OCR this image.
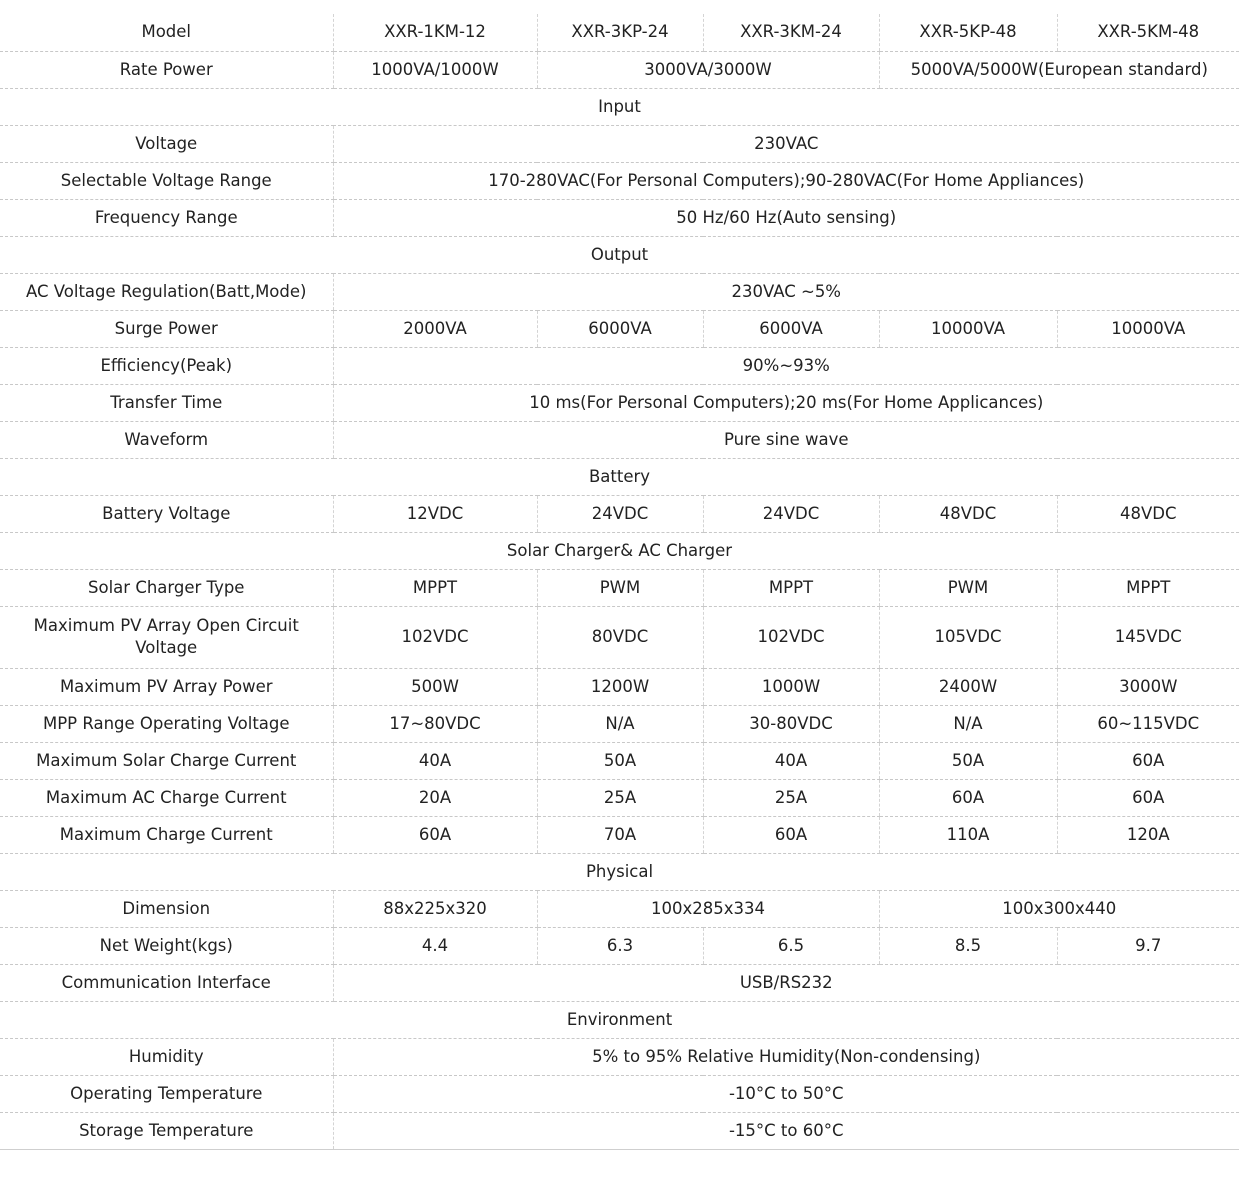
Model	XXR-1KM-12	XXR-3KP-24	XXR-3KM-24	XXR-5KP-48	XXR-5KM-48
Rate Power	1000VA/1000W	3000VA/3000W		5000VA/5000W(European standard)	
Input					
Voltage	230VAC				
Selectable Voltage Range	170-280VAC(For Personal Computers);90-280VAC(For Home Appliances)				
Frequency Range	50 Hz/60 Hz(Auto sensing)				
Output					
AC Voltage Regulation(Batt,Mode)	230VAC ~5%				
Surge Power	2000VA	6000VA	6000VA	10000VA	10000VA
Efficiency(Peak)	90%~93%				
Transfer Time	10 ms(For Personal Computers);20 ms(For Home Applicances)				
Waveform	Pure sine wave				
Battery					
Battery Voltage	12VDC	24VDC	24VDC	48VDC	48VDC
Solar Charger& AC Charger					
Solar Charger Type	MPPT	PWM	MPPT	PWM	MPPT
Maximum PV Array Open Circuit Voltage	102VDC	80VDC	102VDC	105VDC	145VDC
Maximum PV Array Power	500W	1200W	1000W	2400W	3000W
MPP Range Operating Voltage	17~80VDC	N/A	30-80VDC	N/A	60~115VDC
Maximum Solar Charge Current	40A	50A	40A	50A	60A
Maximum AC Charge Current	20A	25A	25A	60A	60A
Maximum Charge Current	60A	70A	60A	110A	120A
Physical					
Dimension	88x225x320	100x285x334		100x300x440	
Net Weight(kgs)	4.4	6.3	6.5	8.5	9.7
Communication Interface	USB/RS232				
Environment					
Humidity	5% to 95% Relative Humidity(Non-condensing)				
Operating Temperature	-10°C to 50°C				
Storage Temperature	-15°C to 60°C				
